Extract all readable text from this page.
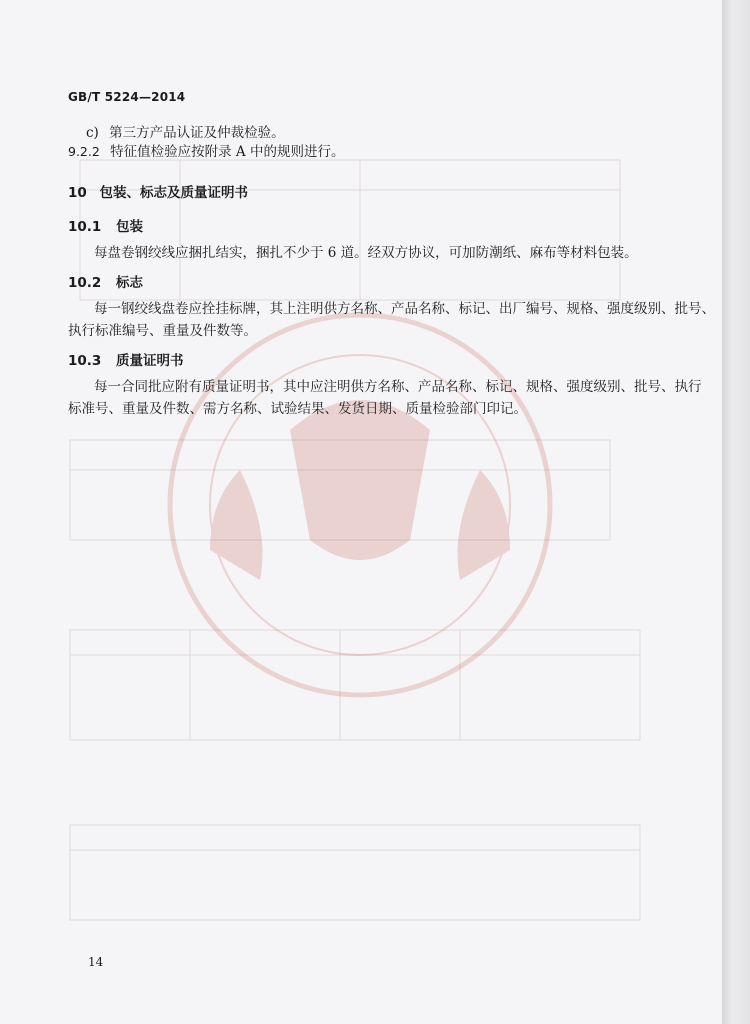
GB/T 5224—2014
c) 第三方产品认证及仲裁检验。
9.2.2 特征值检验应按附录 A 中的规则进行。
10 包装、标志及质量证明书
10.1 包装
每盘卷钢绞线应捆扎结实，捆扎不少于 6 道。经双方协议，可加防潮纸、麻布等材料包装。
10.2 标志
每一钢绞线盘卷应拴挂标牌，其上注明供方名称、产品名称、标记、出厂编号、规格、强度级别、批号、
执行标准编号、重量及件数等。
10.3 质量证明书
每一合同批应附有质量证明书，其中应注明供方名称、产品名称、标记、规格、强度级别、批号、执行
标准号、重量及件数、需方名称、试验结果、发货日期、质量检验部门印记。
14
